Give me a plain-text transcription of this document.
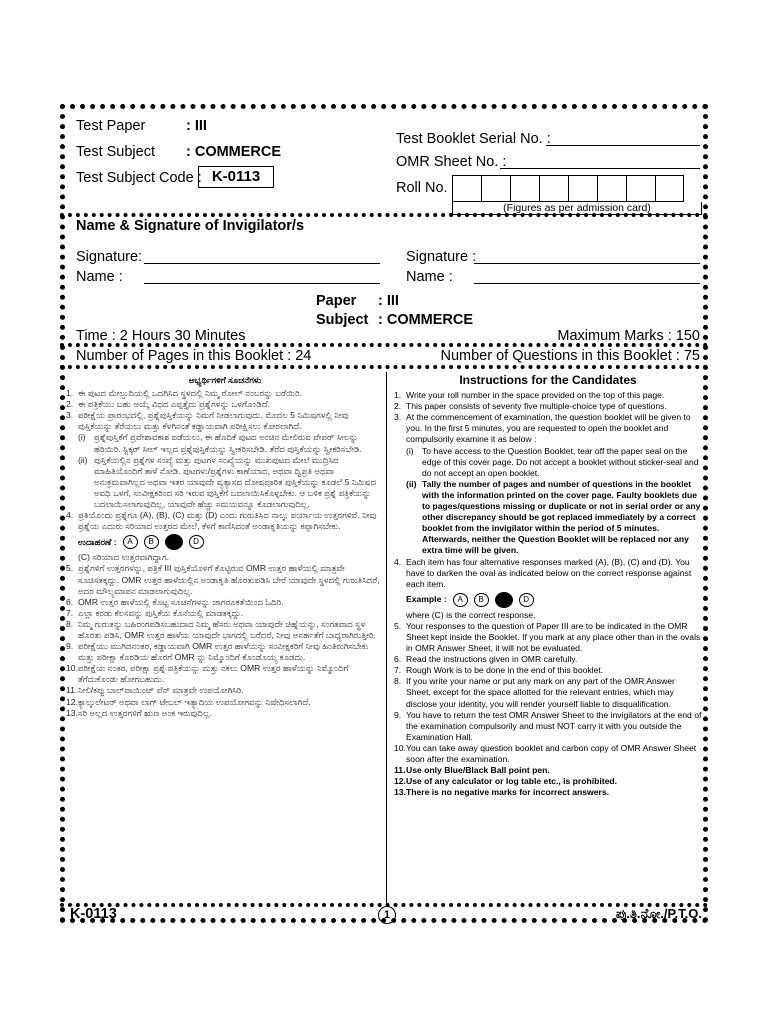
Test Paper	: III
Test Subject : COMMERCE
Test Subject Code : K-0113
Test Booklet Serial No. :
OMR Sheet No. :
Roll No.
(Figures as per admission card)
Name & Signature of Invigilator/s
Signature:
Name :
Signature :
Name :
Paper : III
Subject : COMMERCE
Time : 2 Hours 30 Minutes	Maximum Marks : 150
Number of Pages in this Booklet : 24	Number of Questions in this Booklet : 75
ಅಭ್ಯರ್ಥಿಗಳಿಗೆ ಸೂಚನೆಗಳು
1. ಈ ಪುಟದ ಮೇಲ್ತುದಿಯಲ್ಲಿ ಒದಗಿಸಿದ ಸ್ಥಳದಲ್ಲಿ ನಿಮ್ಮ ರೋಲ್ ನಂಬರನ್ನು ಬರೆಯಿರಿ.
2. ಈ ಪತ್ರಿಕೆಯು ಬಹು ಆಯ್ಕೆ ವಿಧದ ಎಪ್ಪತ್ತೈದು ಪ್ರಶ್ನೆಗಳನ್ನು ಒಳಗೊಂಡಿದೆ.
3. ಪರೀಕ್ಷೆಯ ಪ್ರಾರಂಭದಲ್ಲಿ, ಪ್ರಶ್ನೆಪುಸ್ತಿಕೆಯನ್ನು ನಿಮಗೆ ನೀಡಲಾಗುವುದು. ಮೊದಲ 5 ನಿಮಿಷಗಳಲ್ಲಿ ನೀವು ಪುಸ್ತಿಕೆಯನ್ನು ತೆರೆಯಲು ಮತ್ತು ಕೆಳಗಿನಂತೆ ಕಡ್ಡಾಯವಾಗಿ ಪರೀಕ್ಷಿಸಲು ಕೋರಲಾಗಿದೆ.
(i) ಪ್ರಶ್ನೆಪುಸ್ತಿಕೆಗೆ ಪ್ರವೇಶಾವಕಾಶ ಪಡೆಯಲು, ಈ ಹೊದಿಕೆ ಪುಟದ ಅಂಚಿನ ಮೇಲಿರುವ ಪೇಪರ್ ಸೀಲನ್ನು ಹರಿಯಿರಿ. ಸ್ಟಿಕ್ಕರ್ ಸೀಲ್ ಇಲ್ಲದ ಪ್ರಶ್ನೆಪುಸ್ತಿಕೆಯನ್ನು ಸ್ವೀಕರಿಸಬೇಡಿ. ತೆರೆದ ಪುಸ್ತಿಕೆಯನ್ನು ಸ್ವೀಕರಿಸಬೇಡಿ.
(ii) ಪುಸ್ತಿಕೆಯಲ್ಲಿನ ಪ್ರಶ್ನೆಗಳ ಸಂಖ್ಯೆ ಮತ್ತು ಪುಟಗಳ ಸಂಖ್ಯೆಯನ್ನು ಮುಖಪುಟದ ಮೇಲೆ ಮುದ್ರಿಸಿದ ಮಾಹಿತಿಯೊಂದಿಗೆ ತಾಳೆ ನೋಡಿ. ಪುಟಗಳು/ಪ್ರಶ್ನೆಗಳು ಕಾಣೆಯಾದ, ಅಥವಾ ದ್ವಿಪ್ರತಿ ಅಥವಾ ಅನುಕ್ರಮವಾಗಿಲ್ಲದ ಅಥವಾ ಇತರ ಯಾವುದೇ ವ್ಯತ್ಯಾಸದ ದೋಷಪೂರಿತ ಪುಸ್ತಿಕೆಯನ್ನು ಕೂಡಲೆ 5 ನಿಮಿಷದ ಅವಧಿ ಒಳಗೆ, ಸಂವೀಕ್ಷಕರಿಂದ ಸರಿ ಇರುವ ಪುಸ್ತಿಕೆಗೆ ಬದಲಾಯಿಸಿಕೊಳ್ಳಬೇಕು. ಆ ಬಳಿಕ ಪ್ರಶ್ನೆ ಪತ್ರಿಕೆಯನ್ನು ಬದಲಾಯಿಸಲಾಗುವುದಿಲ್ಲ, ಯಾವುದೇ ಹೆಚ್ಚು ಸಮಯವನ್ನೂ ಕೊಡಲಾಗುವುದಿಲ್ಲ.
4. ಪ್ರತಿಯೊಂದು ಪ್ರಶ್ನೆಗೂ (A), (B), (C) ಮತ್ತು (D) ಎಂದು ಗುರುತಿಸಿದ ನಾಲ್ಕು ಪರ್ಯಾಯ ಉತ್ತರಗಳಿವೆ. ನೀವು ಪ್ರಶ್ನೆಯ ಎದುರು ಸರಿಯಾದ ಉತ್ತರದ ಮೇಲೆ, ಕೆಳಗೆ ಕಾಣಿಸಿದಂತೆ ಅಂಡಾಕೃತಿಯನ್ನು ಕಪ್ಪಾಗಿಸಬೇಕು.
ಉದಾಹರಣೆ :	A	B	D
(C) ಸರಿಯಾದ ಉತ್ತರವಾಗಿದ್ದಾಗ.
5. ಪ್ರಶ್ನೆಗಳಿಗೆ ಉತ್ತರಗಳನ್ನು, ಪತ್ರಿಕೆ III ಪುಸ್ತಿಕೆಯೊಳಗೆ ಕೊಟ್ಟಿರುವ OMR ಉತ್ತರ ಹಾಳೆಯಲ್ಲಿ ಮಾತ್ರವೇ ಸೂಚಿಸತಕ್ಕದ್ದು. OMR ಉತ್ತರ ಹಾಳೆಯಲ್ಲಿನ ಅಂಡಾಕೃತಿ ಹೊರತುಪಡಿಸಿ ಬೇರೆ ಯಾವುದೇ ಸ್ಥಳದಲ್ಲಿ ಗುರುತಿಸಿದರೆ, ಅದರ ಮೌಲ್ಯಮಾಪನ ಮಾಡಲಾಗುವುದಿಲ್ಲ.
6. OMR ಉತ್ತರ ಹಾಳೆಯಲ್ಲಿ ಕೊಟ್ಟ ಸೂಚನೆಗಳನ್ನು ಜಾಗರೂಕತೆಯಿಂದ ಓದಿರಿ.
7. ಎಲ್ಲಾ ಕರಡು ಕೆಲಸವನ್ನು ಪುಸ್ತಿಕೆಯ ಕೊನೆಯಲ್ಲಿ ಮಾಡತಕ್ಕದ್ದು.
8. ನಿಮ್ಮ ಗುರುತನ್ನು ಬಹಿರಂಗಪಡಿಸಬಹುದಾದ ನಿಮ್ಮ ಹೆಸರು ಅಥವಾ ಯಾವುದೇ ಚಿಹ್ನೆಯನ್ನು, ಸಂಗತವಾದ ಸ್ಥಳ ಹೊರತು ಪಡಿಸಿ, OMR ಉತ್ತರ ಹಾಳೆಯ ಯಾವುದೇ ಭಾಗದಲ್ಲಿ ಬರೆದರೆ, ನೀವು ಅನರ್ಹತೆಗೆ ಬಾಧ್ಯರಾಗಿರುತ್ತೀರಿ.
9. ಪರೀಕ್ಷೆಯು ಮುಗಿದನಂತರ, ಕಡ್ಡಾಯವಾಗಿ OMR ಉತ್ತರ ಹಾಳೆಯನ್ನು ಸಂವೀಕ್ಷಕರಿಗೆ ನೀವು ಹಿಂತಿರುಗಿಸಬೇಕು ಮತ್ತು ಪರೀಕ್ಷಾ ಕೊಠಡಿಯ ಹೊರಗೆ OMR ನ್ನು ನಿಮ್ಮೊಂದಿಗೆ ಕೊಂಡೊಯ್ಯ ಕೂಡದು.
10. ಪರೀಕ್ಷೆಯ ನಂತರ, ಪರೀಕ್ಷಾ ಪ್ರಶ್ನೆ ಪತ್ರಿಕೆಯನ್ನು ಮತ್ತು ನಕಲು OMR ಉತ್ತರ ಹಾಳೆಯನ್ನು ನಿಮ್ಮೊಂದಿಗೆ ತೆಗೆದುಕೊಂಡು ಹೋಗಬಹುದು.
11. ನೀಲಿ/ಕಪ್ಪು ಬಾಲ್‌ಪಾಯಿಂಟ್ ಪೆನ್ ಮಾತ್ರವೇ ಉಪಯೋಗಿಸಿರಿ.
12. ಕ್ಯಾಲ್ಕುಲೇಟರ್ ಅಥವಾ ಲಾಗ್ ಟೇಬಲ್ ಇತ್ಯಾದಿಯ ಉಪಯೋಗವನ್ನು ನಿಷೇಧಿಸಲಾಗಿದೆ.
13. ಸರಿ ಅಲ್ಲದ ಉತ್ತರಗಳಿಗೆ ಋಣ ಅಂಕ ಇರುವುದಿಲ್ಲ.
Instructions for the Candidates
1. Write your roll number in the space provided on the top of this page.
2. This paper consists of seventy five multiple-choice type of questions.
3. At the commencement of examination, the question booklet will be given to you. In the first 5 minutes, you are requested to open the booklet and compulsorily examine it as below :
(i) To have access to the Question Booklet, tear off the paper seal on the edge of this cover page. Do not accept a booklet without sticker-seal and do not accept an open booklet.
(ii) Tally the number of pages and number of questions in the booklet with the information printed on the cover page. Faulty booklets due to pages/questions missing or duplicate or not in serial order or any other discrepancy should be got replaced immediately by a correct booklet from the invigilator within the period of 5 minutes. Afterwards, neither the Question Booklet will be replaced nor any extra time will be given.
4. Each item has four alternative responses marked (A), (B), (C) and (D). You have to darken the oval as indicated below on the correct response against each item.
Example :	A	B	D
where (C) is the correct response.
5. Your responses to the question of Paper III are to be indicated in the OMR Sheet kept inside the Booklet. If you mark at any place other than in the ovals in OMR Answer Sheet, it will not be evaluated.
6. Read the instructions given in OMR carefully.
7. Rough Work is to be done in the end of this booklet.
8. If you write your name or put any mark on any part of the OMR Answer Sheet, except for the space allotted for the relevant entries, which may disclose your identity, you will render yourself liable to disqualification.
9. You have to return the test OMR Answer Sheet to the invigilators at the end of the examination compulsorily and must NOT carry it with you outside the Examination Hall.
10. You can take away question booklet and carbon copy of OMR Answer Sheet soon after the examination.
11. Use only Blue/Black Ball point pen.
12. Use of any calculator or log table etc., is prohibited.
13. There is no negative marks for incorrect answers.
K-0113	1	ಪು.ತಿ.ನೋ./P.T.O.
